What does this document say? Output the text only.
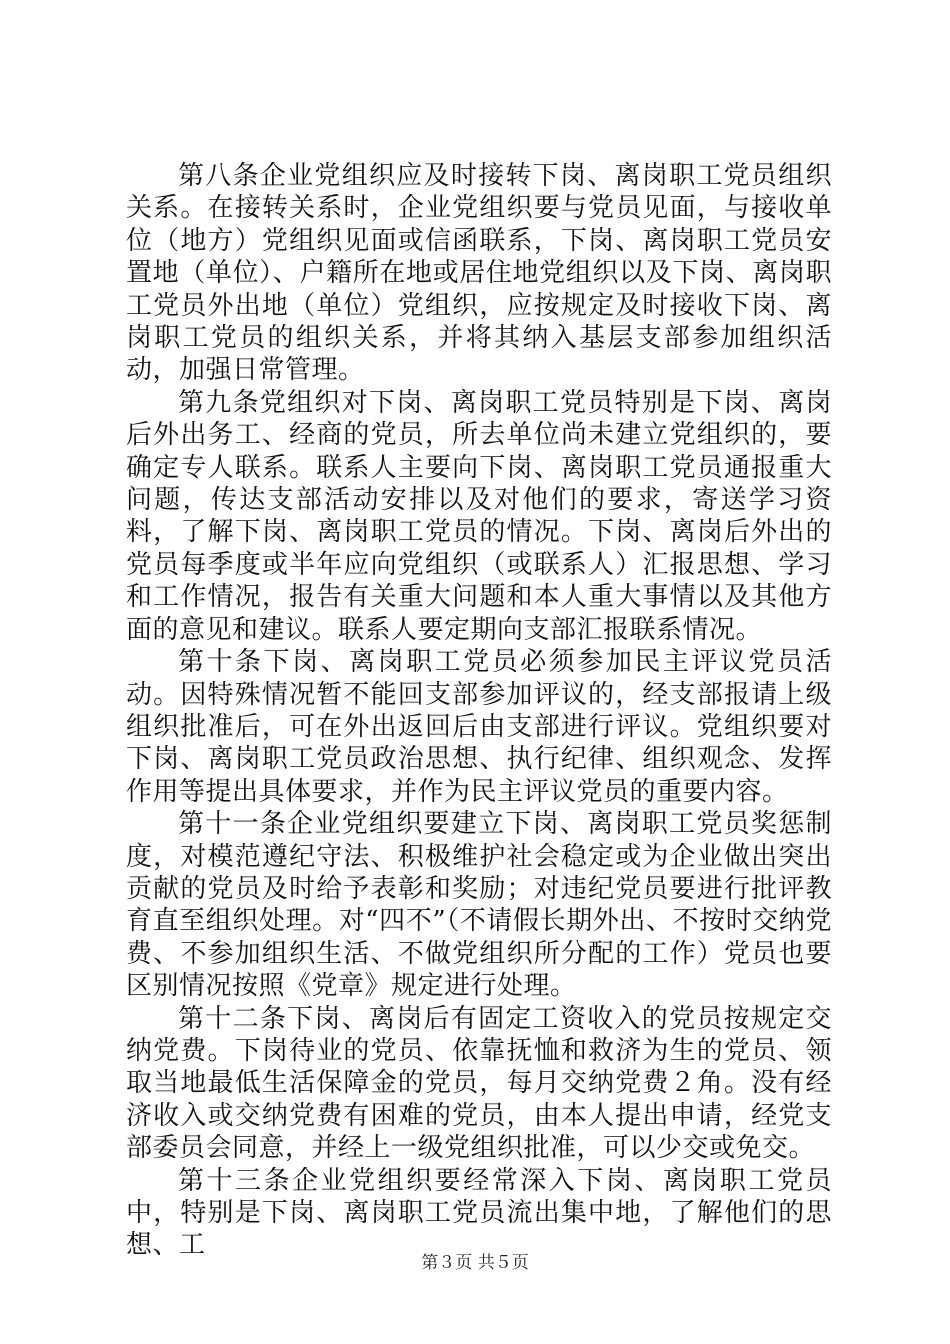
第八条企业党组织应及时接转下岗、离岗职工党员组织关系。在接转关系时，企业党组织要与党员见面，与接收单位（地方）党组织见面或信函联系，下岗、离岗职工党员安置地（单位）、户籍所在地或居住地党组织以及下岗、离岗职工党员外出地（单位）党组织，应按规定及时接收下岗、离岗职工党员的组织关系，并将其纳入基层支部参加组织活动，加强日常管理。

第九条党组织对下岗、离岗职工党员特别是下岗、离岗后外出务工、经商的党员，所去单位尚未建立党组织的，要确定专人联系。联系人主要向下岗、离岗职工党员通报重大问题，传达支部活动安排以及对他们的要求，寄送学习资料，了解下岗、离岗职工党员的情况。下岗、离岗后外出的党员每季度或半年应向党组织（或联系人）汇报思想、学习和工作情况，报告有关重大问题和本人重大事情以及其他方面的意见和建议。联系人要定期向支部汇报联系情况。

第十条下岗、离岗职工党员必须参加民主评议党员活动。因特殊情况暂不能回支部参加评议的，经支部报请上级组织批准后，可在外出返回后由支部进行评议。党组织要对下岗、离岗职工党员政治思想、执行纪律、组织观念、发挥作用等提出具体要求，并作为民主评议党员的重要内容。

第十一条企业党组织要建立下岗、离岗职工党员奖惩制度，对模范遵纪守法、积极维护社会稳定或为企业做出突出贡献的党员及时给予表彰和奖励；对违纪党员要进行批评教育直至组织处理。对“四不”（不请假长期外出、不按时交纳党费、不参加组织生活、不做党组织所分配的工作）党员也要区别情况按照《党章》规定进行处理。

第十二条下岗、离岗后有固定工资收入的党员按规定交纳党费。下岗待业的党员、依靠抚恤和救济为生的党员、领取当地最低生活保障金的党员，每月交纳党费２角。没有经济收入或交纳党费有困难的党员，由本人提出申请，经党支部委员会同意，并经上一级党组织批准，可以少交或免交。

第十三条企业党组织要经常深入下岗、离岗职工党员中，特别是下岗、离岗职工党员流出集中地，了解他们的思想、工

第３页 共５页
